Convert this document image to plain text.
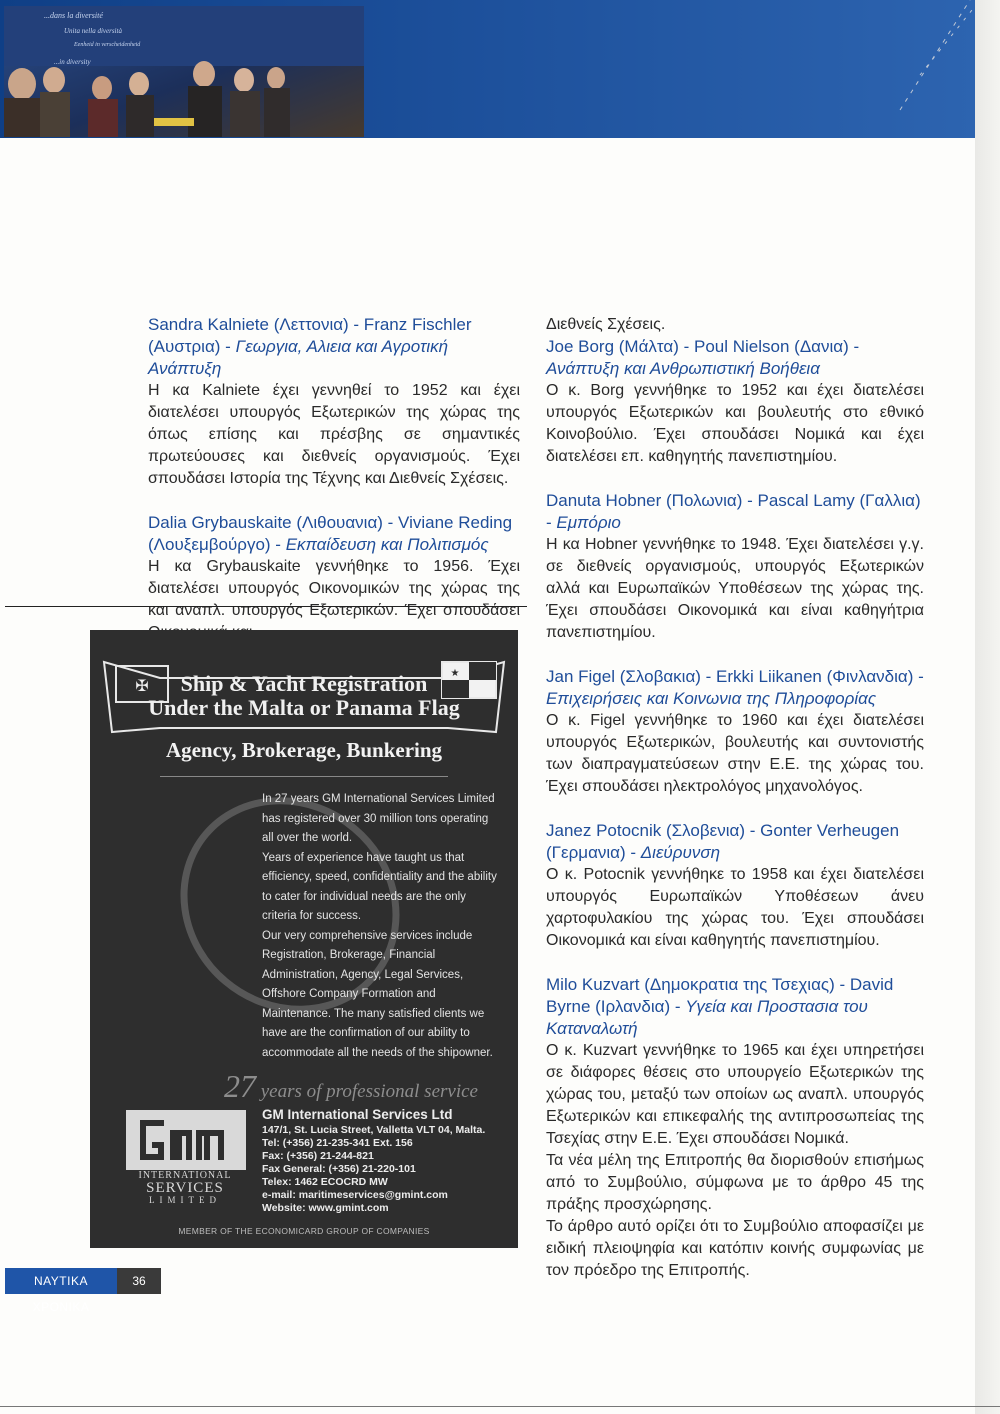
...dans la diversité
Unita nella diversità
Eenheid in verscheidenheid
...in diversity
Sandra Kalniete (Λεττονια) - Franz Fischler (Αυστρια) - Γεωργια, Αλιεια και Αγροτική Ανάπτυξη

Η κα Kalniete έχει γεννηθεί το 1952 και έχει διατελέσει υπουργός Εξωτερικών της χώρας της όπως επίσης και πρέσβης σε σημαντικές πρωτεύουσες και διεθνείς οργανισμούς. Έχει σπουδάσει Ιστορία της Τέχνης και Διεθνείς Σχέσεις.

Dalia Grybauskaite (Λιθουανια) - Viviane Reding (Λουξεμβούργο) - Εκπαίδευση και Πολιτισμός

Η κα Grybauskaite γεννήθηκε το 1956. Έχει διατελέσει υπουργός Οικονομικών της χώρας της και αναπλ. υπουργός Εξωτερικών. Έχει σπουδάσει

Διεθνείς Σχέσεις.

Joe Borg (Μάλτα) - Poul Nielson (Δανια) - Ανάπτυξη και Ανθρωπιστική Βοήθεια

Ο κ. Borg γεννήθηκε το 1952 και έχει διατελέσει υπουργός Εξωτερικών και βουλευτής στο εθνικό Κοινοβούλιο. Έχει σπουδάσει Νομικά και έχει διατελέσει επ. καθηγητής πανεπιστημίου.

Danuta Hobner (Πολωνια) - Pascal Lamy (Γαλλια) - Εμπόριο

Η κα Hobner γεννήθηκε το 1948. Έχει διατελέσει γ.γ. σε διεθνείς οργανισμούς, υπουργός Εξωτερικών αλλά και Ευρωπαϊκών Υποθέσεων της χώρας της. Έχει σπουδάσει Οικονομικά και είναι καθηγήτρια πανεπιστημίου.

Jan Figel (Σλοβακια) - Erkki Liikanen (Φινλανδια) - Επιχειρήσεις και Κοινωνια της Πληροφορίας

Ο κ. Figel γεννήθηκε το 1960 και έχει διατελέσει υπουργός Εξωτερικών, βουλευτής και συντονιστής των διαπραγματεύσεων στην Ε.Ε. της χώρας του. Έχει σπουδάσει ηλεκτρολόγος μηχανολόγος.

Janez Potocnik (Σλοβενια) - Gonter Verheugen (Γερμανια) - Διεύρυνση

Ο κ. Potocnik γεννήθηκε το 1958 και έχει διατελέσει υπουργός Ευρωπαϊκών Υποθέσεων άνευ χαρτοφυλακίου της χώρας του. Έχει σπουδάσει Οικονομικά και είναι καθηγητής πανεπιστημίου.

Milo Kuzvart (Δημοκρατια της Τσεχιας) - David Byrne (Ιρλανδια) - Υγεία και Προστασια του Καταναλωτή

Ο κ. Kuzvart γεννήθηκε το 1965 και έχει υπηρετήσει σε διάφορες θέσεις στο υπουργείο Εξωτερικών της χώρας του, μεταξύ των οποίων ως αναπλ. υπουργός Εξωτερικών και επικεφαλής της αντιπροσωπείας της Τσεχίας στην Ε.Ε. Έχει σπουδάσει Νομικά.

Τα νέα μέλη της Επιτροπής θα διορισθούν επισήμως από το Συμβούλιο, σύμφωνα με το άρθρο 45 της πράξης προσχώρησης.

Το άρθρο αυτό ορίζει ότι το Συμβούλιο αποφασίζει με ειδική πλειοψηφία και κατόπιν κοινής συμφωνίας με τον πρόεδρο της Επιτροπής.

✠
★
★
Ship & Yacht Registration
Under the Malta or Panama Flag
Agency, Brokerage, Bunkering

In 27 years GM International Services Limited has registered over 30 million tons operating all over the world.

Years of experience have taught us that efficiency, speed, confidentiality and the ability to cater for individual needs are the only criteria for success.

Our very comprehensive services include Registration, Brokerage, Financial Administration, Agency, Legal Services, Offshore Company Formation and Maintenance. The many satisfied clients we have are the confirmation of our ability to accommodate all the needs of the shipowner.

27 years of professional service
INTERNATIONAL
SERVICES
LIMITED
GM International Services Ltd
147/1, St. Lucia Street, Valletta VLT 04, Malta.
Tel: (+356) 21-235-341 Ext. 156
Fax: (+356) 21-244-821
Fax General: (+356) 21-220-101
Telex: 1462 ECOCRD MW
e-mail: maritimeservices@gmint.com
Website: www.gmint.com
MEMBER OF THE ECONOMICARD GROUP OF COMPANIES
ΝΑΥΤΙΚΑ ΧΡΟΝΙΚΑ
36
